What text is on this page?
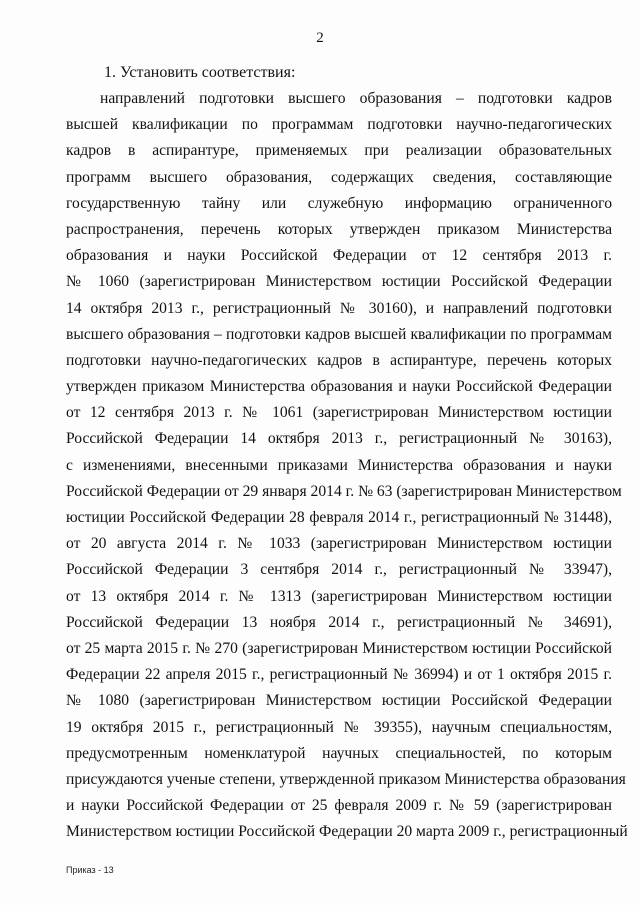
2
1. Установить соответствия:
направлений подготовки высшего образования – подготовки кадров
высшей квалификации по программам подготовки научно-педагогических
кадров в аспирантуре, применяемых при реализации образовательных
программ высшего образования, содержащих сведения, составляющие
государственную тайну или служебную информацию ограниченного
распространения, перечень которых утвержден приказом Министерства
образования и науки Российской Федерации от 12 сентября 2013 г.
№ 1060 (зарегистрирован Министерством юстиции Российской Федерации
14 октября 2013 г., регистрационный № 30160), и направлений подготовки
высшего образования – подготовки кадров высшей квалификации по программам
подготовки научно-педагогических кадров в аспирантуре, перечень которых
утвержден приказом Министерства образования и науки Российской Федерации
от 12 сентября 2013 г. № 1061 (зарегистрирован Министерством юстиции
Российской Федерации 14 октября 2013 г., регистрационный № 30163),
с изменениями, внесенными приказами Министерства образования и науки
Российской Федерации от 29 января 2014 г. № 63 (зарегистрирован Министерством
юстиции Российской Федерации 28 февраля 2014 г., регистрационный № 31448),
от 20 августа 2014 г. № 1033 (зарегистрирован Министерством юстиции
Российской Федерации 3 сентября 2014 г., регистрационный № 33947),
от 13 октября 2014 г. № 1313 (зарегистрирован Министерством юстиции
Российской Федерации 13 ноября 2014 г., регистрационный № 34691),
от 25 марта 2015 г. № 270 (зарегистрирован Министерством юстиции Российской
Федерации 22 апреля 2015 г., регистрационный № 36994) и от 1 октября 2015 г.
№ 1080 (зарегистрирован Министерством юстиции Российской Федерации
19 октября 2015 г., регистрационный № 39355), научным специальностям,
предусмотренным номенклатурой научных специальностей, по которым
присуждаются ученые степени, утвержденной приказом Министерства образования
и науки Российской Федерации от 25 февраля 2009 г. № 59 (зарегистрирован
Министерством юстиции Российской Федерации 20 марта 2009 г., регистрационный
Приказ - 13
